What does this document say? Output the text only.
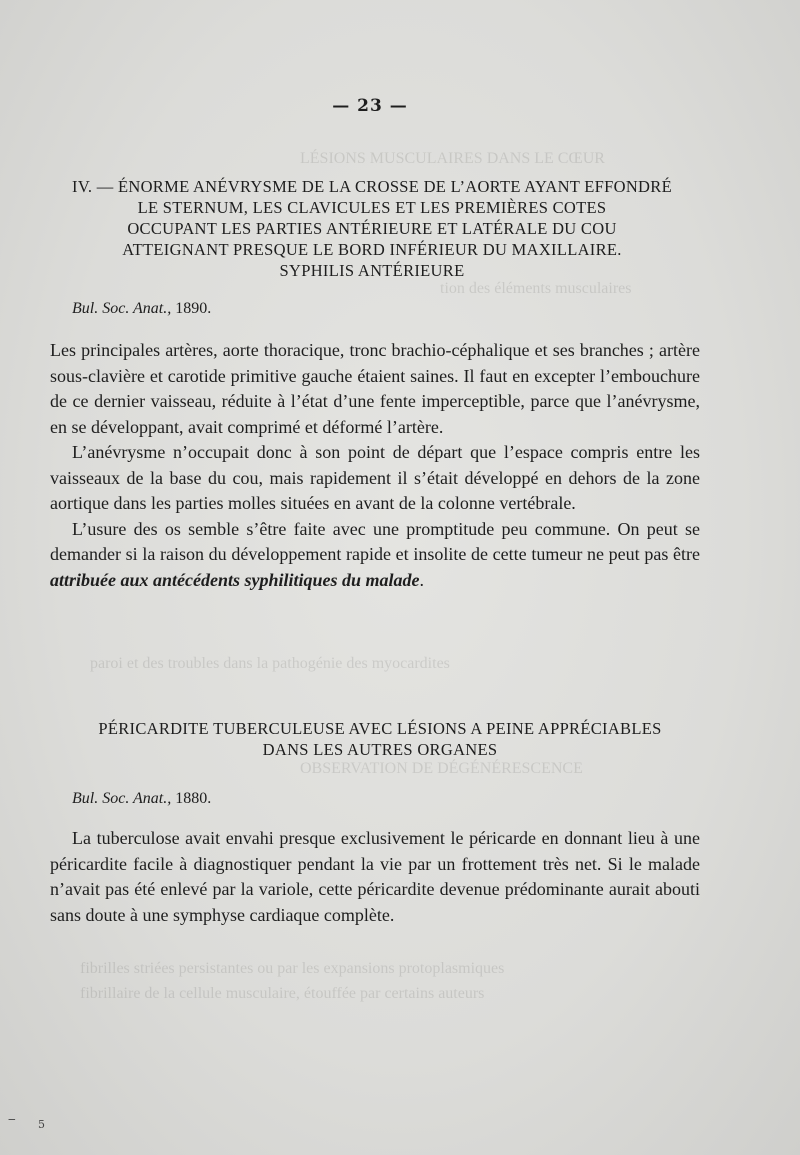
LÉSIONS MUSCULAIRES DANS LE CŒUR
tion des éléments musculaires
paroi et des troubles dans la pathogénie des myocardites
OBSERVATION DE DÉGÉNÉRESCENCE
fibrilles striées persistantes ou par les expansions protoplasmiques
fibrillaire de la cellule musculaire, étouffée par certains auteurs
— 23 —
IV. — ÉNORME ANÉVRYSME DE LA CROSSE DE L’AORTE AYANT EFFONDRÉ
LE STERNUM, LES CLAVICULES ET LES PREMIÈRES COTES
OCCUPANT LES PARTIES ANTÉRIEURE ET LATÉRALE DU COU
ATTEIGNANT PRESQUE LE BORD INFÉRIEUR DU MAXILLAIRE.
SYPHILIS ANTÉRIEURE
Bul. Soc. Anat., 1890.

Les principales artères, aorte thoracique, tronc brachio-céphalique et ses branches ; artère sous-clavière et carotide primitive gauche étaient saines. Il faut en excepter l’embouchure de ce dernier vaisseau, réduite à l’état d’une fente imperceptible, parce que l’anévrysme, en se développant, avait comprimé et déformé l’artère.

L’anévrysme n’occupait donc à son point de départ que l’espace compris entre les vaisseaux de la base du cou, mais rapidement il s’était développé en dehors de la zone aortique dans les parties molles situées en avant de la colonne vertébrale.

L’usure des os semble s’être faite avec une promptitude peu commune. On peut se demander si la raison du développement rapide et insolite de cette tumeur ne peut pas être attribuée aux antécédents syphilitiques du malade.

PÉRICARDITE TUBERCULEUSE AVEC LÉSIONS A PEINE APPRÉCIABLES
DANS LES AUTRES ORGANES
Bul. Soc. Anat., 1880.

La tuberculose avait envahi presque exclusivement le péricarde en donnant lieu à une péricardite facile à diagnostiquer pendant la vie par un frottement très net. Si le malade n’avait pas été enlevé par la variole, cette péricardite devenue prédominante aurait abouti sans doute à une symphyse cardiaque complète.

‒ 5
